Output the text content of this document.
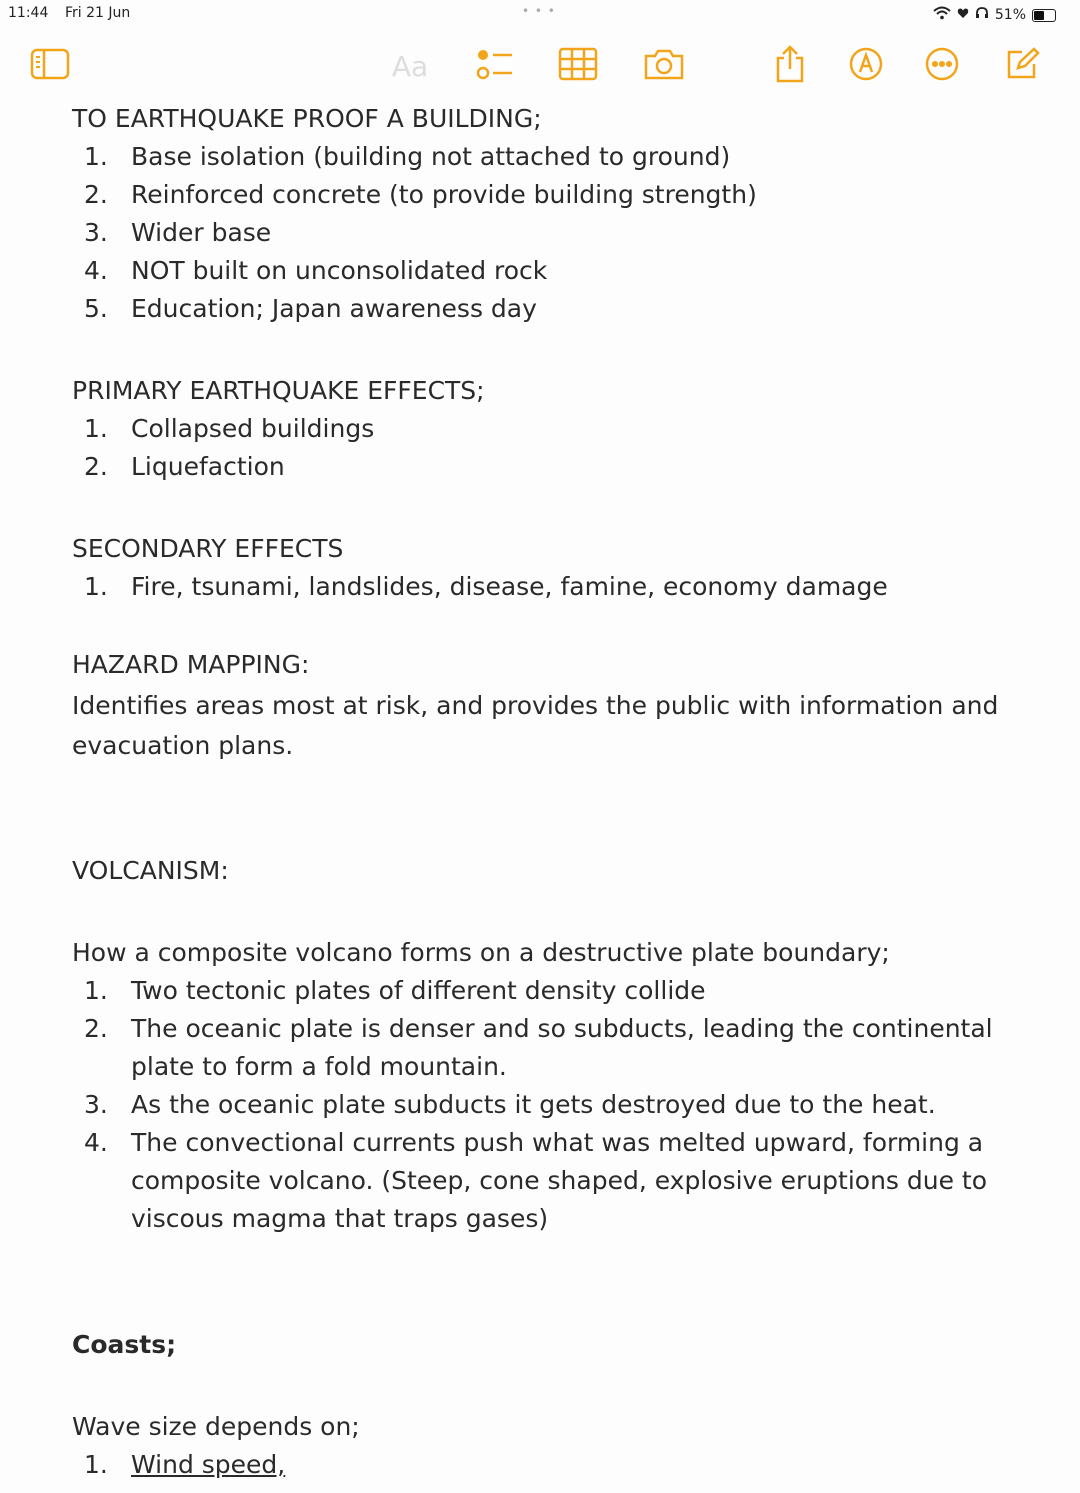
11:44 Fri 21 Jun	• • •	51%
Aa

TO EARTHQUAKE PROOF A BUILDING;

1. Base isolation (building not attached to ground)
2. Reinforced concrete (to provide building strength)
3. Wider base
4. NOT built on unconsolidated rock
5. Education; Japan awareness day

PRIMARY EARTHQUAKE EFFECTS;

1. Collapsed buildings
2. Liquefaction

SECONDARY EFFECTS

1. Fire, tsunami, landslides, disease, famine, economy damage

HAZARD MAPPING:

Identifies areas most at risk, and provides the public with information and evacuation plans.

VOLCANISM:

How a composite volcano forms on a destructive plate boundary;

1. Two tectonic plates of different density collide
2. The oceanic plate is denser and so subducts, leading the continental plate to form a fold mountain.
3. As the oceanic plate subducts it gets destroyed due to the heat.
4. The convectional currents push what was melted upward, forming a composite volcano. (Steep, cone shaped, explosive eruptions due to viscous magma that traps gases)

Coasts;

Wave size depends on;

1. Wind speed,
